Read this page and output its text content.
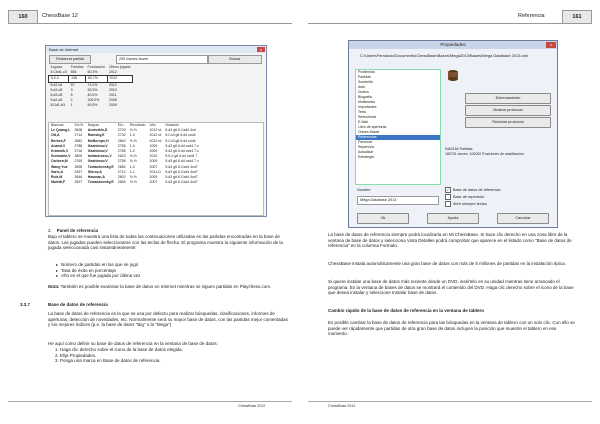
160	ChessBase 12
Base de Internet	x
Restaurar partida	269 Games found	Buscar
Jugada	Partidas	Puntuación	Último jugada
5.Cbd1-c3	554	60.3%	2012
5.0-0	138	60.7%	2012
5.d2-d4	57	71.0%	2012
5.d2-d3	9	33.3%	2010
5.d2-d3	5	40.0%	2011
5.a2-a3	2	100.0%	2008
5.Dd1-b3	1	50.0%	2009
Blancas	Elo B.	Negras	Elo...	Resultado	Año	Notación
Le Quang,L	2608	Andreikin,D	2709	½-½	2012 rd	5.d3 g6 6.Cxd4 4xd
Ott,A	2714	Ramsby,E	2732	1-0	2012 rd	5.Cc3 g6 6.d4 cxd4
Berkes,F	2682	McBurnpn,H	2640	½-½	2012 rd	5.Cc3 g6 6.d4 cxd4
Anand,V	2788	Gashimov,V	2758	1-0	2009	5.d3 g6 6.d4 cxd4 7.c
Kramnik,V	2716	Gashimov,V	2758	1-0	2009	5.d3 g6 6.d4 cxd4 7.c
Durmakin,V	2809	Iordachescu,V	2623	½-½	2010	5.0-0 g6 6.d4 cxd4 7
Carlsen,M	2765	Gashimov,V	2758	½-½	2009	5.d3 g6 6.d4 cxd4 7.c
Wang Yue	2698	Tomashevsky,E	2654	1-0	2007	5.d3 g6 6.Cxd4 4xd7
Saric,A	2497	Shirov,A	2712	1-1	2011-D	5.d3 g6 6.Cxd4 4xd7
Rolz,M	2646	Hasman,A	2602	½-½	2009	5.d3 g6 6.Cxd4 4xd7
Maletti,F	2597	Tomashevsky,E	2694	½-½	2007	5.d3 g6 6.Cxd4 4xd7
2.    Panel de referencia
Bajo el tablero se muestra una lista de todas las continuaciones utilizadas en las partidas encontradas en la base de datos. Las jugadas pueden seleccionarse con las teclas de flecha. El programa muestra la siguiente información de la jugada seleccionada casi instantáneamente:
▸ Número de partidas en las que se jugó
▸ Tasa de éxito en porcentaje
▸ Año en el que fue jugada por última vez
Nota: También es posible examinar la base de datos en Internet mientras se siguen partidas en Playchess.com.
3.3.7	Base de datos de referencia
La base de datos de referencia es la que se usa por defecto para realizar búsquedas, clasificaciones, informes de aperturas, detección de novedades, etc. Normalmente será su mayor base de datos, con las partidas mejor comentadas y los mejores índices (p.e. la base de datos "Big" o la "Mega")
He aquí como definir su base de datos de referencia en la ventana de base de datos:
1. Haga clic derecho sobre el icono de la base de datos elegida.
2. Elija Propiedades.
3. Ponga una marca en Base de datos de referencia.
ChessBase 2012
Referencia	161
Propiedades	x
C:\Users\Fernando\Documents\ChessBase\Bases\Mega2013\Bases\Mega Database 2013.cbh
Problemas
Partidas
Sombrilla
Adm
Duelos
Biografia
Multimedia
Importantes
Texto
Reeuchead
E-Mail
Libro de aperturas
Clases Mader
Referencias
Personal
Repertorio
Actualizar
Estrategia
Entrenamiento
Mostrar protocolo
Reiniciar protocolo
5462164 Partidas
180701 claves. 100000 Posiciones de clasificación
Nombre
Mega Database 2013
✓ Base de datos de referencia
Base de repertorio
Abrir siempre textos
Ok	Ayuda	Cancelar
La base de datos de referencia siempre podrá localizarla en Mi ChessBase. Si hace clic derecho en una zona libre de la ventana de base de datos y selecciona Vista Detalles podrá comprobar que aparece en el listado como "Base de datos de referencia" en la columna Formato.
ChessBase instala automáticamente una gran base de datos con más de 5 millones de partidas en la instalación típica.
Si quiere instalar una base de datos más reciente desde un DVD, insértelo en su unidad mientras tiene arrancado el programa. En la ventana de bases de datos se mostrará el contenido del DVD. Haga clic derecho sobre el icono de la base que desea instalar y seleccione Instalar base de datos.
Cambio rápido de la base de datos de referencia en la ventana de tablero
Es posible cambiar la base de datos de referencia para las búsquedas en la ventana de tablero con un solo clic. Con ello se puede ver rápidamente que partidas de otra gran base de datos incluyen la posición que muestre el tablero en ese momento.
ChessBase 2012
